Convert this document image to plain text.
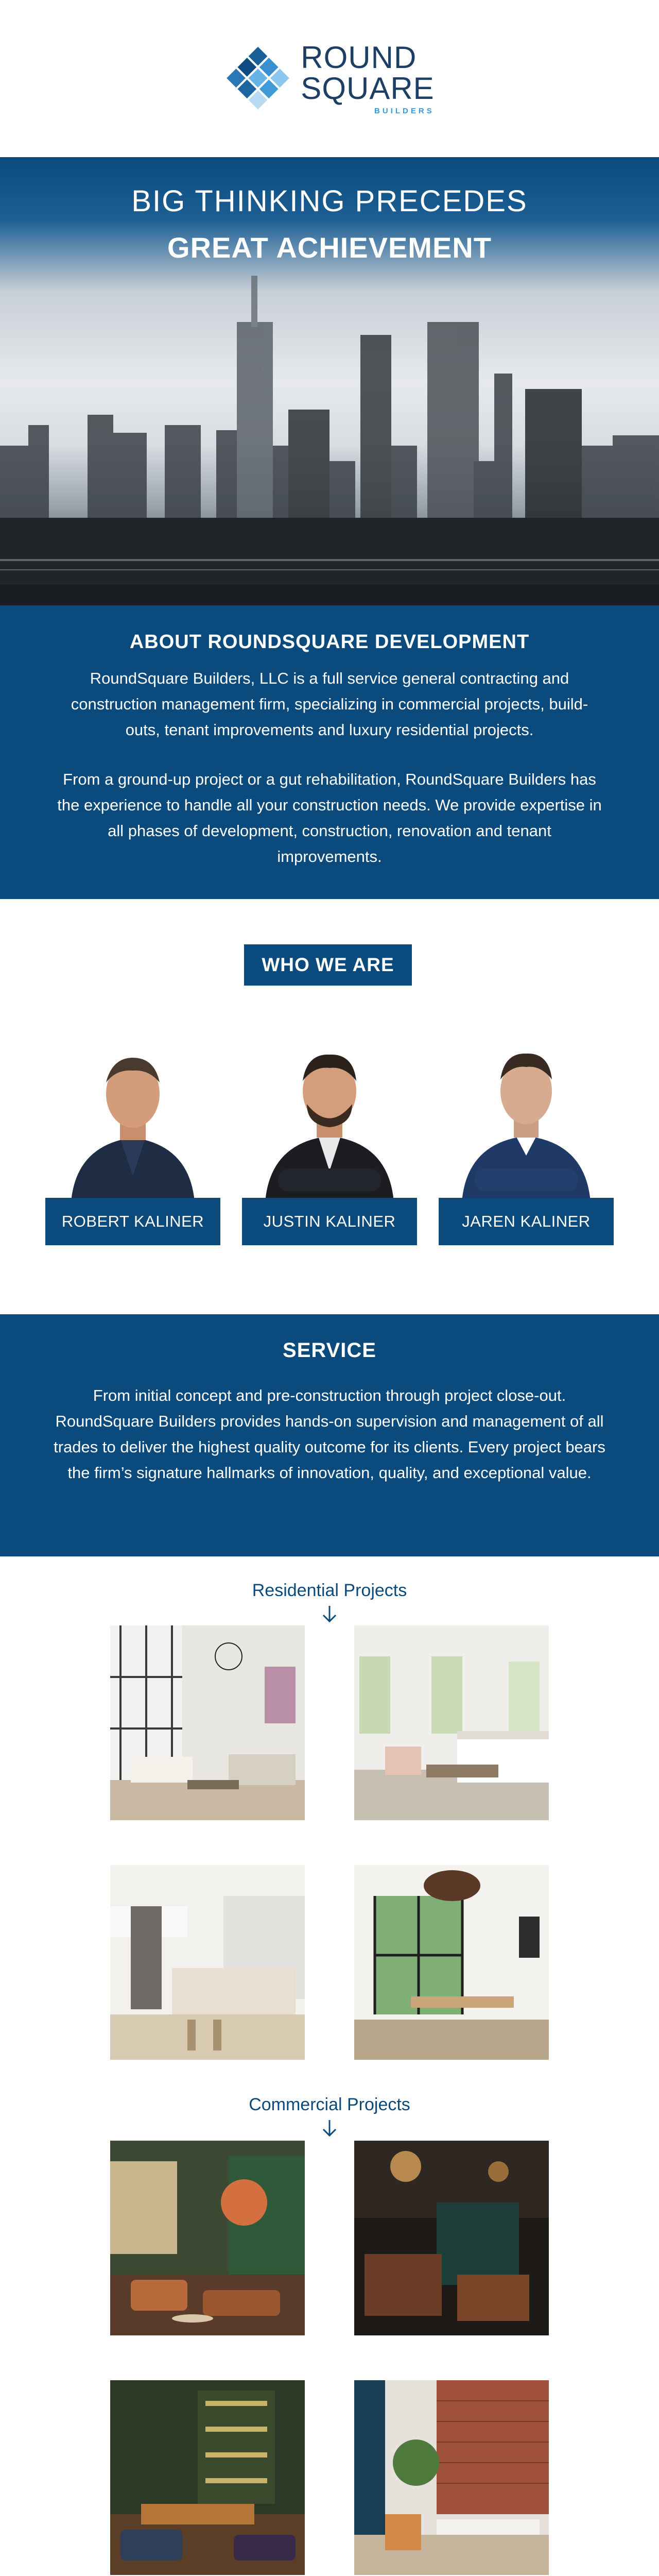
ROUND
SQUARE
BUILDERS
BIG THINKING PRECEDES
GREAT ACHIEVEMENT
ABOUT ROUNDSQUARE DEVELOPMENT

RoundSquare Builders, LLC is a full service general contracting and construction management firm, specializing in commercial projects, build-outs, tenant improvements and luxury residential projects.

From a ground-up project or a gut rehabilitation, RoundSquare Builders has the experience to handle all your construction needs. We provide expertise in all phases of development, construction, renovation and tenant improvements.

WHO WE ARE
ROBERT KALINER	JUSTIN KALINER	JAREN KALINER
SERVICE

From initial concept and pre-construction through project close-out. RoundSquare Builders provides hands-on supervision and management of all trades to deliver the highest quality outcome for its clients. Every project bears the firm’s signature hallmarks of innovation, quality, and exceptional value.

Residential Projects
Commercial Projects
